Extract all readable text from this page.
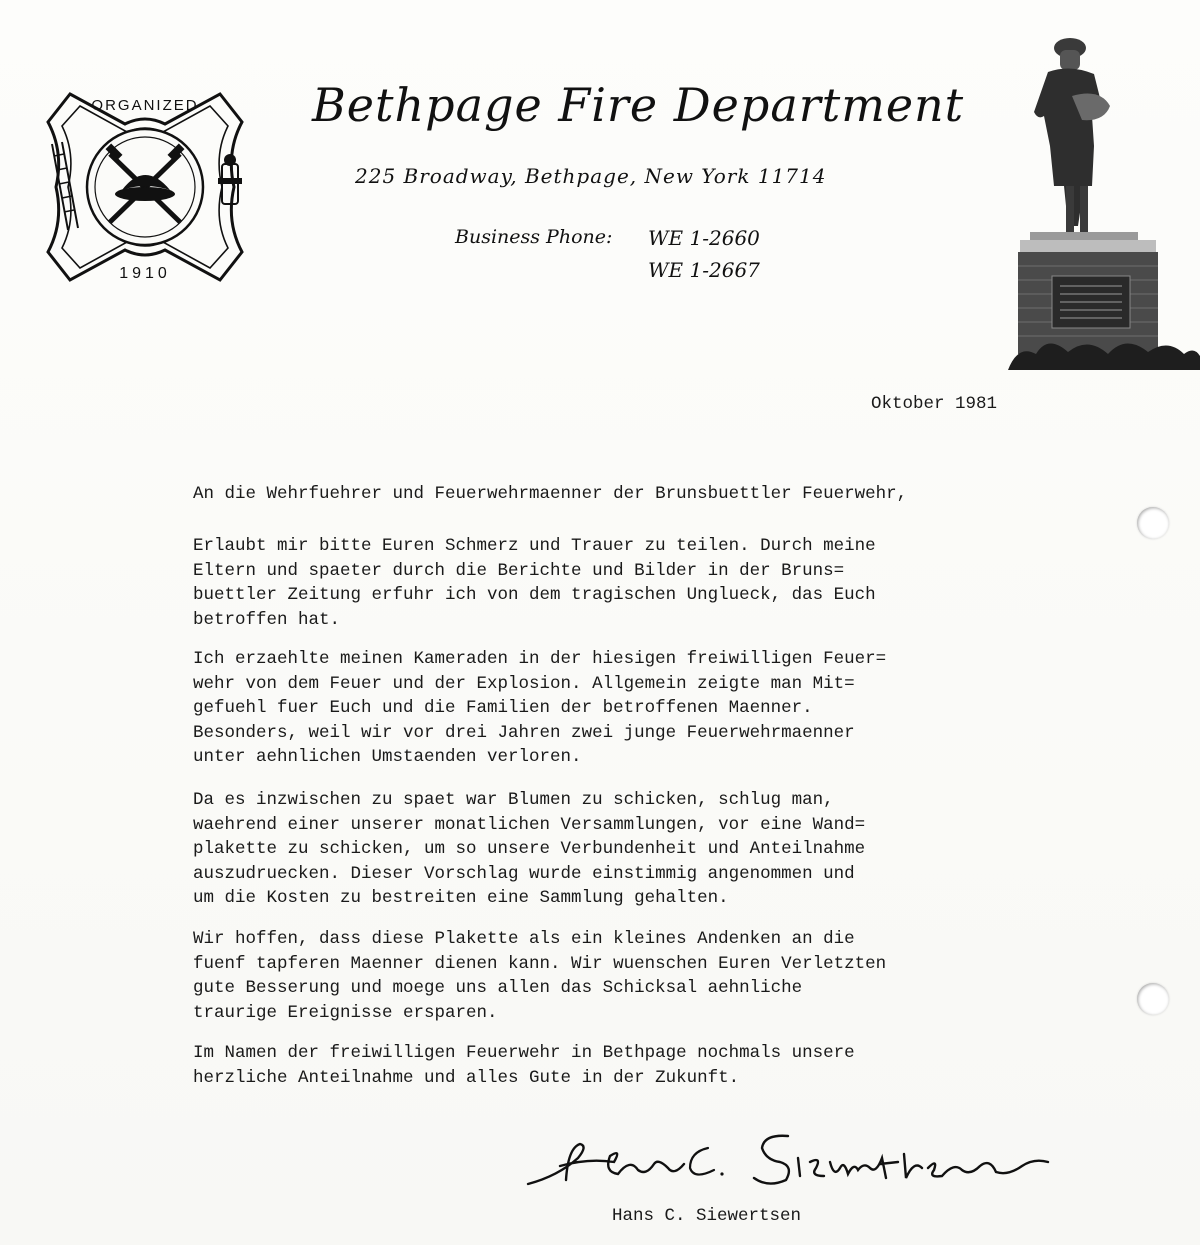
ORGANIZED
1910
Bethpage Fire Department
225 Broadway, Bethpage, New York 11714
Business Phone: WE 1-2660
WE 1-2667
Oktober 1981
An die Wehrfuehrer und Feuerwehrmaenner der Brunsbuettler Feuerwehr,
Erlaubt mir bitte Euren Schmerz und Trauer zu teilen. Durch meine
Eltern und spaeter durch die Berichte und Bilder in der Bruns=
buettler Zeitung erfuhr ich von dem tragischen Unglueck, das Euch
betroffen hat.
Ich erzaehlte meinen Kameraden in der hiesigen freiwilligen Feuer=
wehr von dem Feuer und der Explosion. Allgemein zeigte man Mit=
gefuehl fuer Euch und die Familien der betroffenen Maenner.
Besonders, weil wir vor drei Jahren zwei junge Feuerwehrmaenner
unter aehnlichen Umstaenden verloren.
Da es inzwischen zu spaet war Blumen zu schicken, schlug man,
waehrend einer unserer monatlichen Versammlungen, vor eine Wand=
plakette zu schicken, um so unsere Verbundenheit und Anteilnahme
auszudruecken. Dieser Vorschlag wurde einstimmig angenommen und
um die Kosten zu bestreiten eine Sammlung gehalten.
Wir hoffen, dass diese Plakette als ein kleines Andenken an die
fuenf tapferen Maenner dienen kann. Wir wuenschen Euren Verletzten
gute Besserung und moege uns allen das Schicksal aehnliche
traurige Ereignisse ersparen.
Im Namen der freiwilligen Feuerwehr in Bethpage nochmals unsere
herzliche Anteilnahme und alles Gute in der Zukunft.
Hans C. Siewertsen
